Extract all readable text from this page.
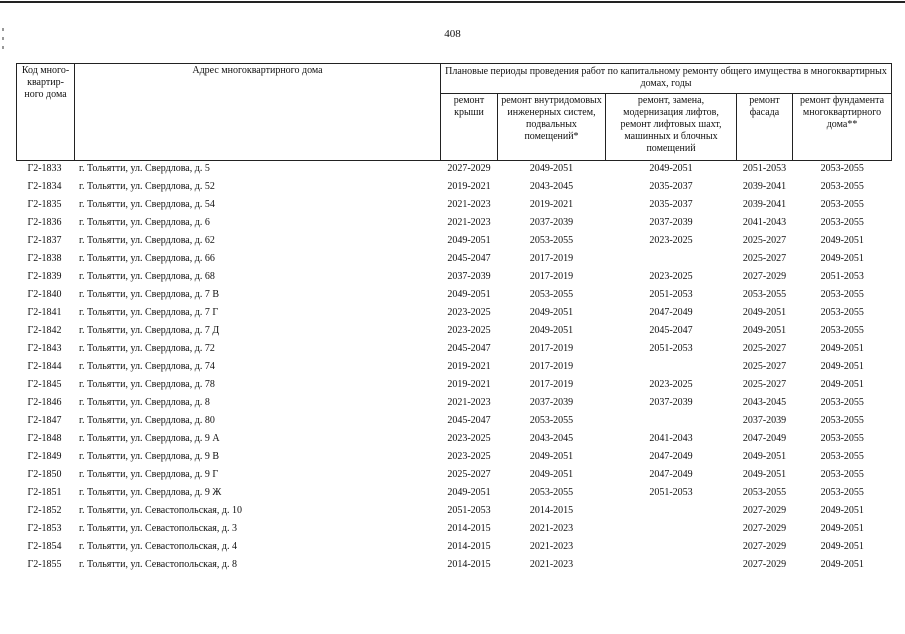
408
Код много-квартир-ного дома	Адрес многоквартирного дома	Плановые периоды проведения работ по капитальному ремонту общего имущества в многоквартирных домах, годы				
		ремонт крыши	ремонт внутридомовых инженерных систем, подвальных помещений*	ремонт, замена, модернизация лифтов, ремонт лифтовых шахт, машинных и блочных помещений	ремонт фасада	ремонт фундамента многоквартирного дома**
Г2-1833	г. Тольятти, ул. Свердлова, д. 5	2027-2029	2049-2051	2049-2051	2051-2053	2053-2055
Г2-1834	г. Тольятти, ул. Свердлова, д. 52	2019-2021	2043-2045	2035-2037	2039-2041	2053-2055
Г2-1835	г. Тольятти, ул. Свердлова, д. 54	2021-2023	2019-2021	2035-2037	2039-2041	2053-2055
Г2-1836	г. Тольятти, ул. Свердлова, д. 6	2021-2023	2037-2039	2037-2039	2041-2043	2053-2055
Г2-1837	г. Тольятти, ул. Свердлова, д. 62	2049-2051	2053-2055	2023-2025	2025-2027	2049-2051
Г2-1838	г. Тольятти, ул. Свердлова, д. 66	2045-2047	2017-2019		2025-2027	2049-2051
Г2-1839	г. Тольятти, ул. Свердлова, д. 68	2037-2039	2017-2019	2023-2025	2027-2029	2051-2053
Г2-1840	г. Тольятти, ул. Свердлова, д. 7 В	2049-2051	2053-2055	2051-2053	2053-2055	2053-2055
Г2-1841	г. Тольятти, ул. Свердлова, д. 7 Г	2023-2025	2049-2051	2047-2049	2049-2051	2053-2055
Г2-1842	г. Тольятти, ул. Свердлова, д. 7 Д	2023-2025	2049-2051	2045-2047	2049-2051	2053-2055
Г2-1843	г. Тольятти, ул. Свердлова, д. 72	2045-2047	2017-2019	2051-2053	2025-2027	2049-2051
Г2-1844	г. Тольятти, ул. Свердлова, д. 74	2019-2021	2017-2019		2025-2027	2049-2051
Г2-1845	г. Тольятти, ул. Свердлова, д. 78	2019-2021	2017-2019	2023-2025	2025-2027	2049-2051
Г2-1846	г. Тольятти, ул. Свердлова, д. 8	2021-2023	2037-2039	2037-2039	2043-2045	2053-2055
Г2-1847	г. Тольятти, ул. Свердлова, д. 80	2045-2047	2053-2055		2037-2039	2053-2055
Г2-1848	г. Тольятти, ул. Свердлова, д. 9 А	2023-2025	2043-2045	2041-2043	2047-2049	2053-2055
Г2-1849	г. Тольятти, ул. Свердлова, д. 9 В	2023-2025	2049-2051	2047-2049	2049-2051	2053-2055
Г2-1850	г. Тольятти, ул. Свердлова, д. 9 Г	2025-2027	2049-2051	2047-2049	2049-2051	2053-2055
Г2-1851	г. Тольятти, ул. Свердлова, д. 9 Ж	2049-2051	2053-2055	2051-2053	2053-2055	2053-2055
Г2-1852	г. Тольятти, ул. Севастопольская, д. 10	2051-2053	2014-2015		2027-2029	2049-2051
Г2-1853	г. Тольятти, ул. Севастопольская, д. 3	2014-2015	2021-2023		2027-2029	2049-2051
Г2-1854	г. Тольятти, ул. Севастопольская, д. 4	2014-2015	2021-2023		2027-2029	2049-2051
Г2-1855	г. Тольятти, ул. Севастопольская, д. 8	2014-2015	2021-2023		2027-2029	2049-2051
